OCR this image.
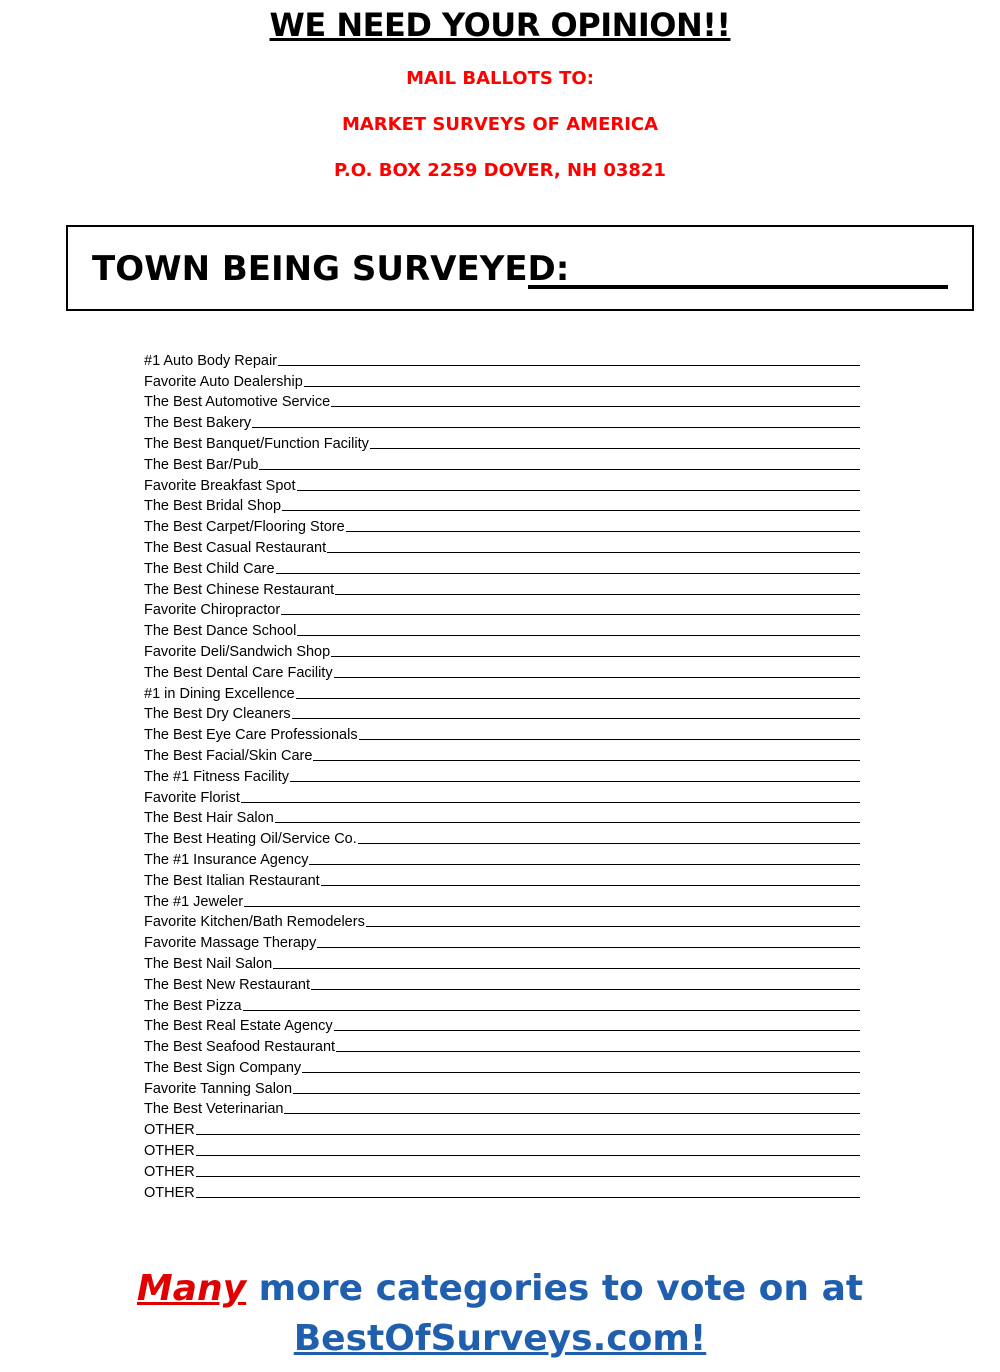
WE NEED YOUR OPINION!!
MAIL BALLOTS TO:
MARKET SURVEYS OF AMERICA
P.O. BOX 2259 DOVER, NH 03821
TOWN BEING SURVEYED:
#1 Auto Body Repair
Favorite Auto Dealership
The Best Automotive Service
The Best Bakery
The Best Banquet/Function Facility
The Best Bar/Pub
Favorite Breakfast Spot
The Best Bridal Shop
The Best Carpet/Flooring Store
The Best Casual Restaurant
The Best Child Care
The Best Chinese Restaurant
Favorite Chiropractor
The Best Dance School
Favorite Deli/Sandwich Shop
The Best Dental Care Facility
#1 in Dining Excellence
The Best Dry Cleaners
The Best Eye Care Professionals
The Best Facial/Skin Care
The #1 Fitness Facility
Favorite Florist
The Best Hair Salon
The Best Heating Oil/Service Co.
The #1 Insurance Agency
The Best Italian Restaurant
The #1 Jeweler
Favorite Kitchen/Bath Remodelers
Favorite Massage Therapy
The Best Nail Salon
The Best New Restaurant
The Best Pizza
The Best Real Estate Agency
The Best Seafood Restaurant
The Best Sign Company
Favorite Tanning Salon
The Best Veterinarian
OTHER
OTHER
OTHER
OTHER
Many more categories to vote on at
BestOfSurveys.com!
